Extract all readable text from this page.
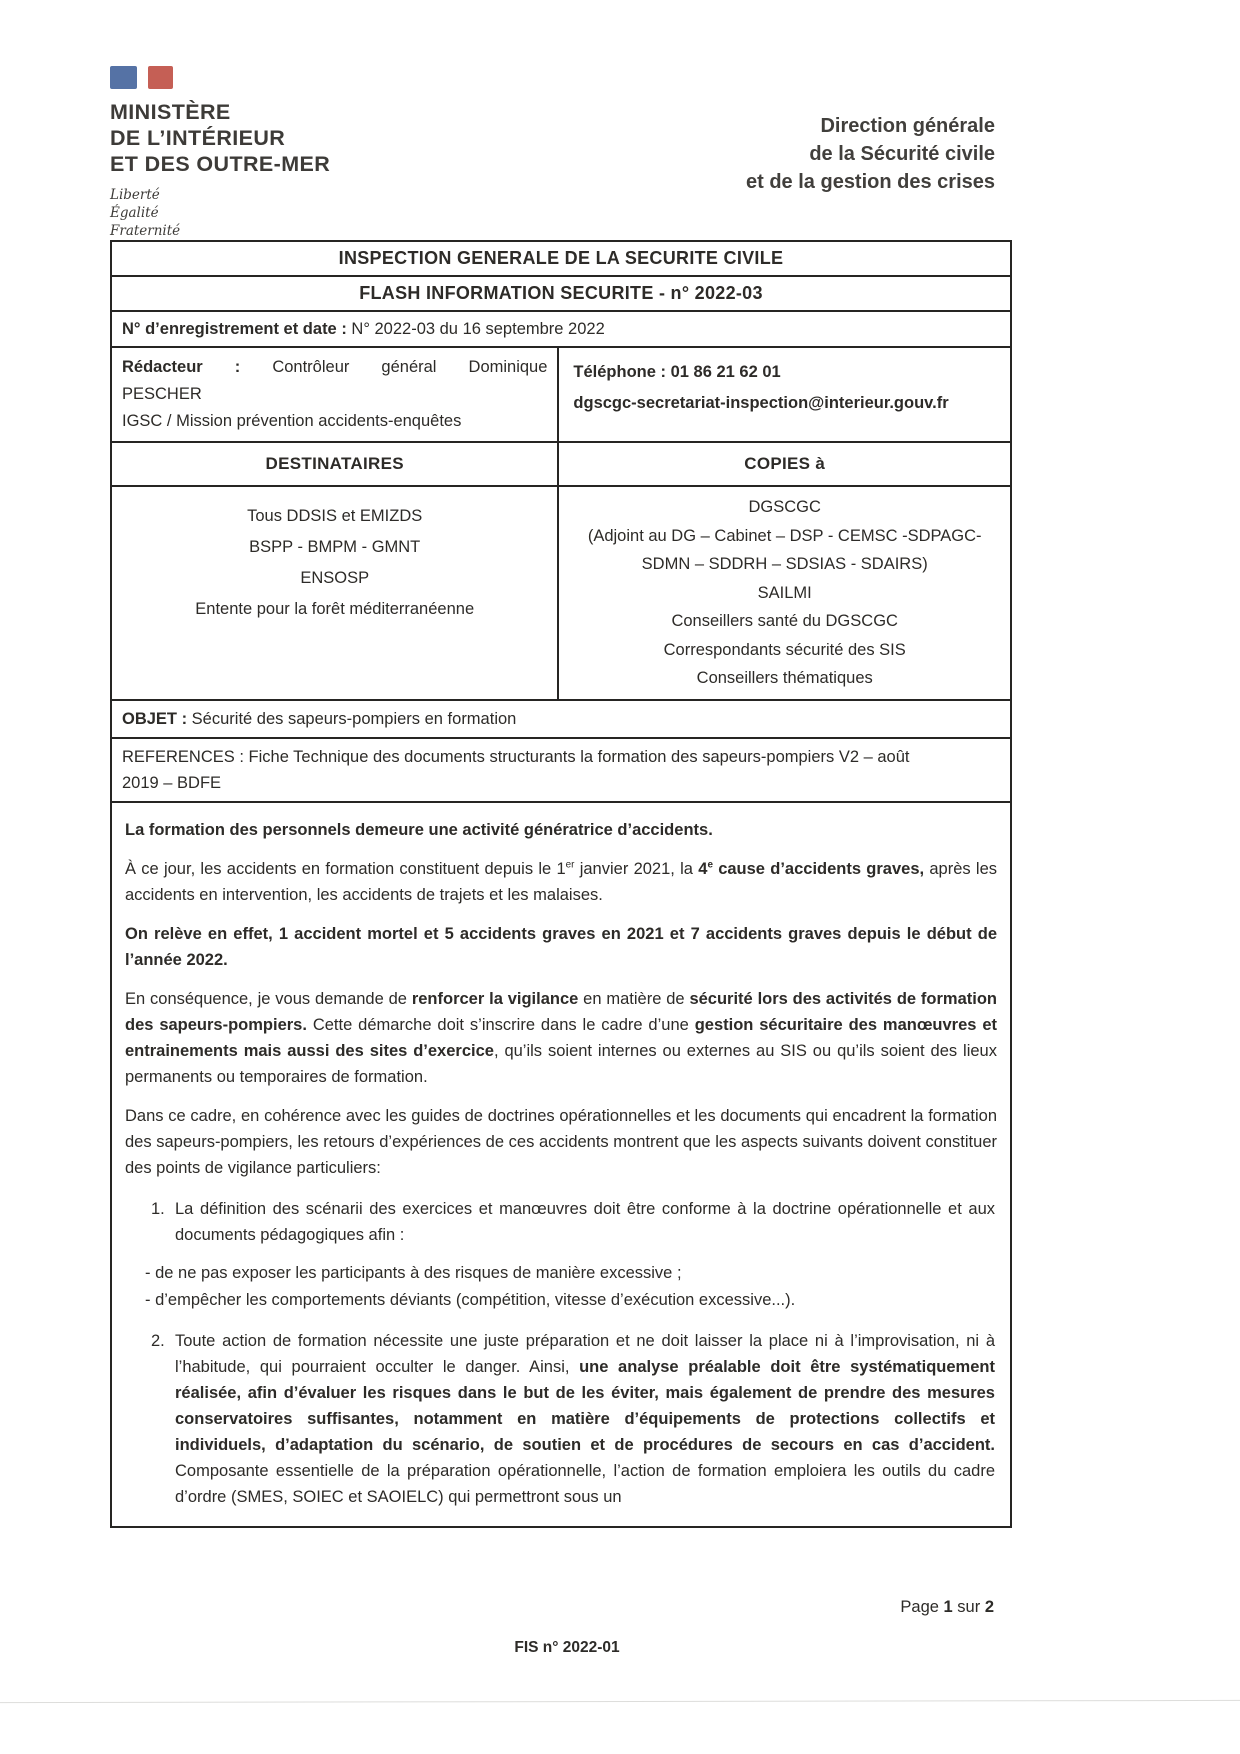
MINISTÈRE
DE L’INTÉRIEUR
ET DES OUTRE-MER
Liberté
Égalité
Fraternité
Direction générale
de la Sécurité civile
et de la gestion des crises
INSPECTION GENERALE DE LA SECURITE CIVILE
FLASH INFORMATION SECURITE - n° 2022-03
N° d’enregistrement et date : N° 2022-03 du 16 septembre 2022
Rédacteur : Contrôleur général Dominique
PESCHER
IGSC / Mission prévention accidents-enquêtes
Téléphone : 01 86 21 62 01
dgscgc-secretariat-inspection@interieur.gouv.fr
DESTINATAIRES	COPIES à
Tous DDSIS et EMIZDS
BSPP - BMPM - GMNT
ENSOSP
Entente pour la forêt méditerranéenne
DGSCGC
(Adjoint au DG – Cabinet – DSP - CEMSC -SDPAGC-
SDMN – SDDRH – SDSIAS - SDAIRS)
SAILMI
Conseillers santé du DGSCGC
Correspondants sécurité des SIS
Conseillers thématiques
OBJET : Sécurité des sapeurs-pompiers en formation
REFERENCES : Fiche Technique des documents structurants la formation des sapeurs-pompiers V2 – août
2019 – BDFE

La formation des personnels demeure une activité génératrice d’accidents.

À ce jour, les accidents en formation constituent depuis le 1er janvier 2021, la 4e cause d’accidents graves, après les accidents en intervention, les accidents de trajets et les malaises.

On relève en effet, 1 accident mortel et 5 accidents graves en 2021 et 7 accidents graves depuis le début de l’année 2022.

En conséquence, je vous demande de renforcer la vigilance en matière de sécurité lors des activités de formation des sapeurs-pompiers. Cette démarche doit s’inscrire dans le cadre d’une gestion sécuritaire des manœuvres et entrainements mais aussi des sites d’exercice, qu’ils soient internes ou externes au SIS ou qu’ils soient des lieux permanents ou temporaires de formation.

Dans ce cadre, en cohérence avec les guides de doctrines opérationnelles et les documents qui encadrent la formation des sapeurs-pompiers, les retours d’expériences de ces accidents montrent que les aspects suivants doivent constituer des points de vigilance particuliers:

1. La définition des scénarii des exercices et manœuvres doit être conforme à la doctrine opérationnelle et aux documents pédagogiques afin :

- de ne pas exposer les participants à des risques de manière excessive ;

- d’empêcher les comportements déviants (compétition, vitesse d’exécution excessive...).

2. Toute action de formation nécessite une juste préparation et ne doit laisser la place ni à l’improvisation, ni à l’habitude, qui pourraient occulter le danger. Ainsi, une analyse préalable doit être systématiquement réalisée, afin d’évaluer les risques dans le but de les éviter, mais également de prendre des mesures conservatoires suffisantes, notamment en matière d’équipements de protections collectifs et individuels, d’adaptation du scénario, de soutien et de procédures de secours en cas d’accident. Composante essentielle de la préparation opérationnelle, l’action de formation emploiera les outils du cadre d’ordre (SMES, SOIEC et SAOIELC) qui permettront sous un
Page 1 sur 2
FIS n° 2022-01
